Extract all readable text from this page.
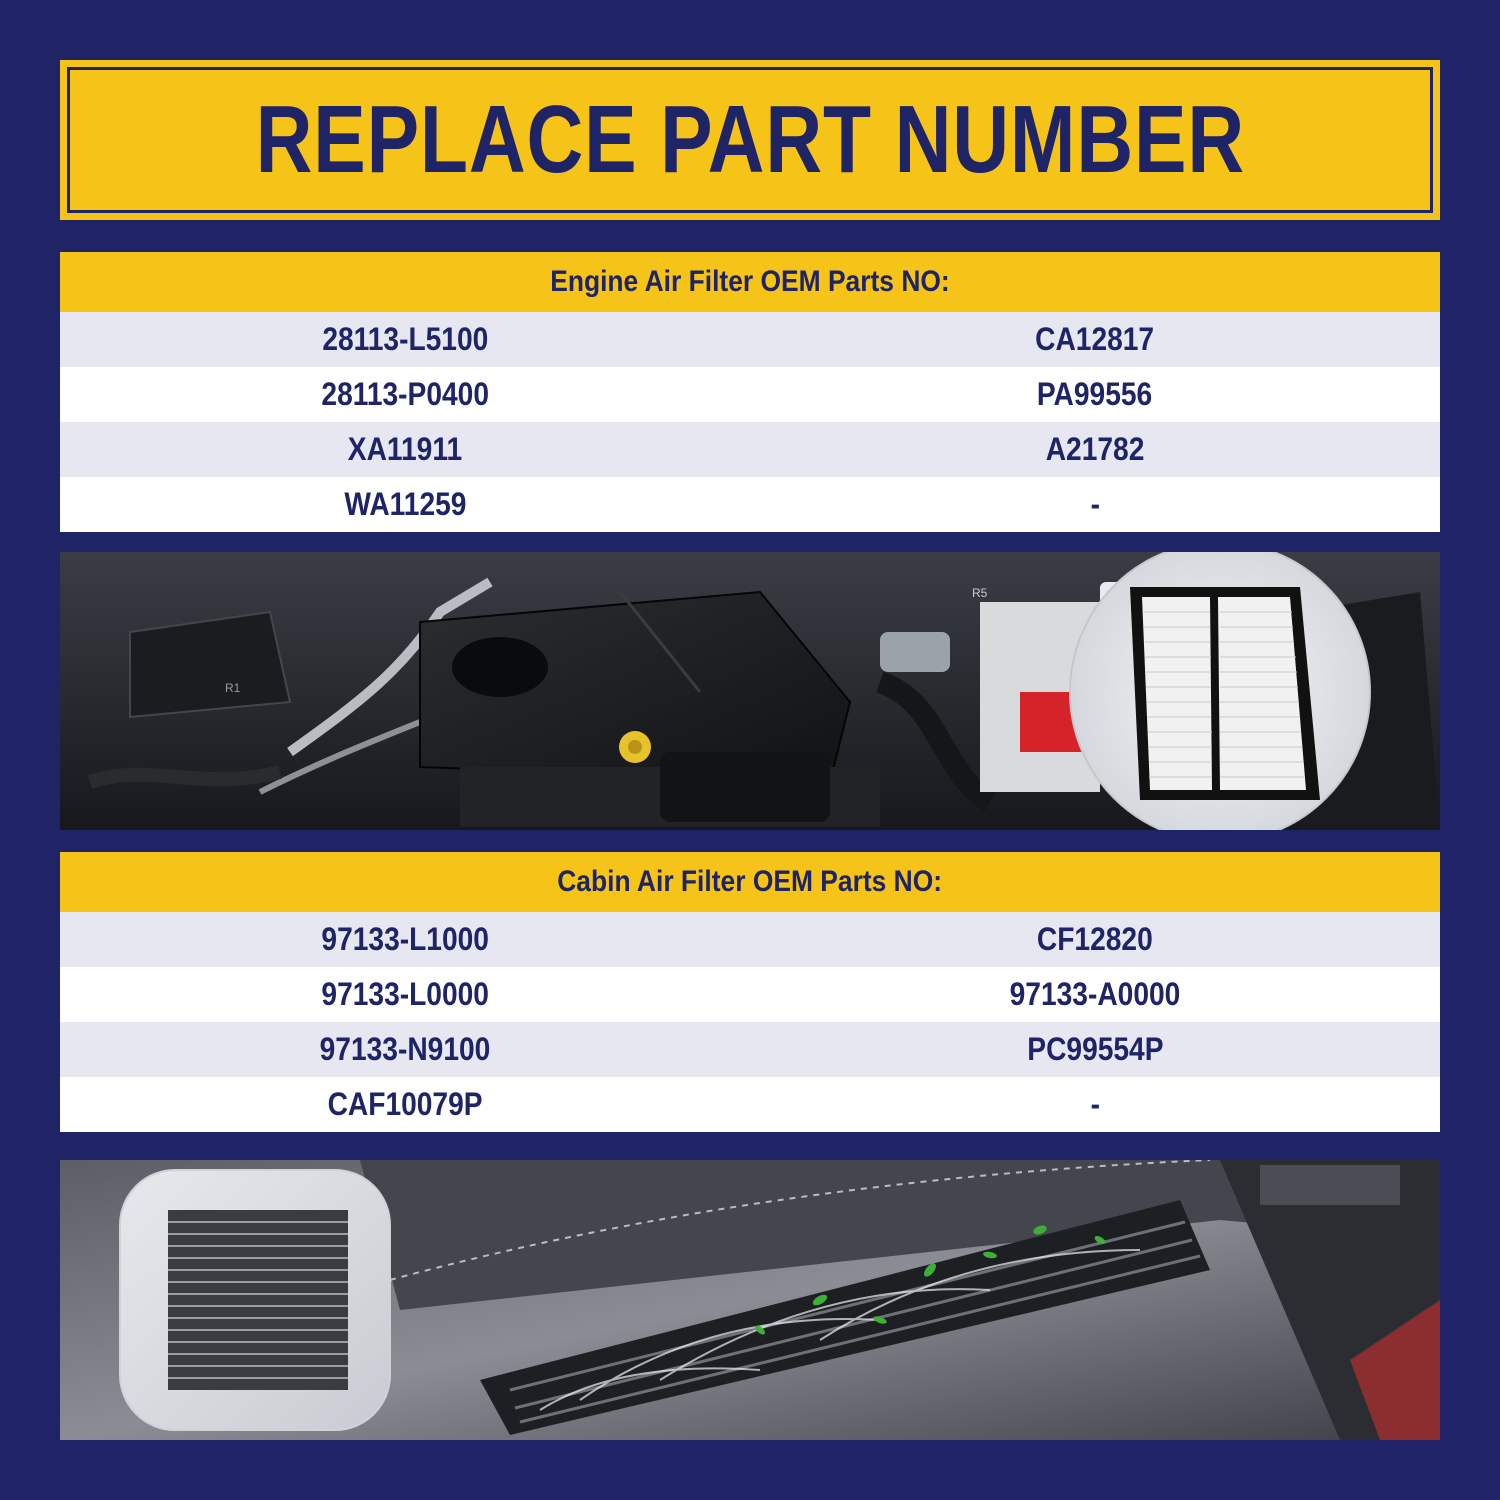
REPLACE PART NUMBER
Engine Air Filter OEM Parts NO:
28113-L5100	CA12817
28113-P0400	PA99556
XA11911	A21782
WA11259	-
R1
R5
Cabin Air Filter OEM Parts NO:
97133-L1000	CF12820
97133-L0000	97133-A0000
97133-N9100	PC99554P
CAF10079P	-
